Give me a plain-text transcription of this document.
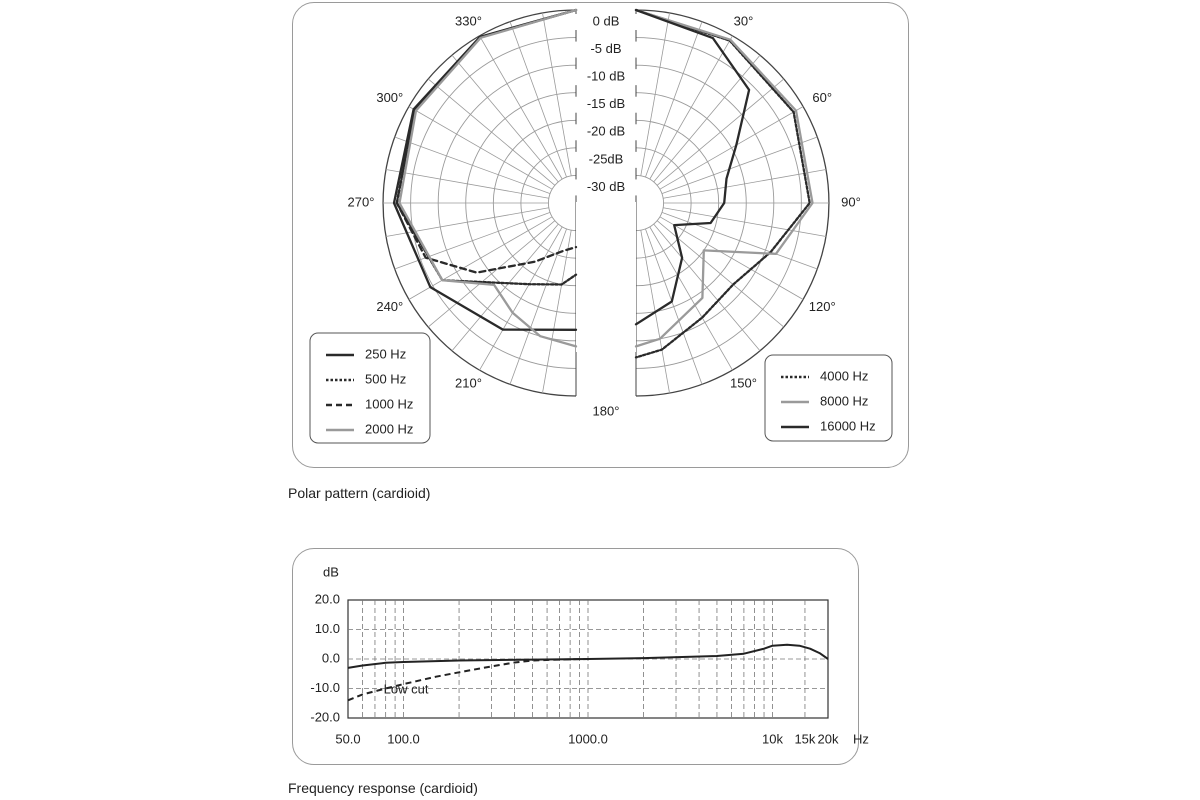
Polar pattern (cardioid)
Frequency response (cardioid)
0 dB
-5 dB
-10 dB
-15 dB
-20 dB
-25dB
-30 dB
30°
60°
90°
120°
150°
180°
210°
240°
270°
300°
330°
250 Hz
500 Hz
1000 Hz
2000 Hz
4000 Hz
8000 Hz
16000 Hz
20.0
10.0
0.0
-10.0
-20.0
dB
50.0 100.0	1000.0	10k 15k 20k Hz
Low cut
